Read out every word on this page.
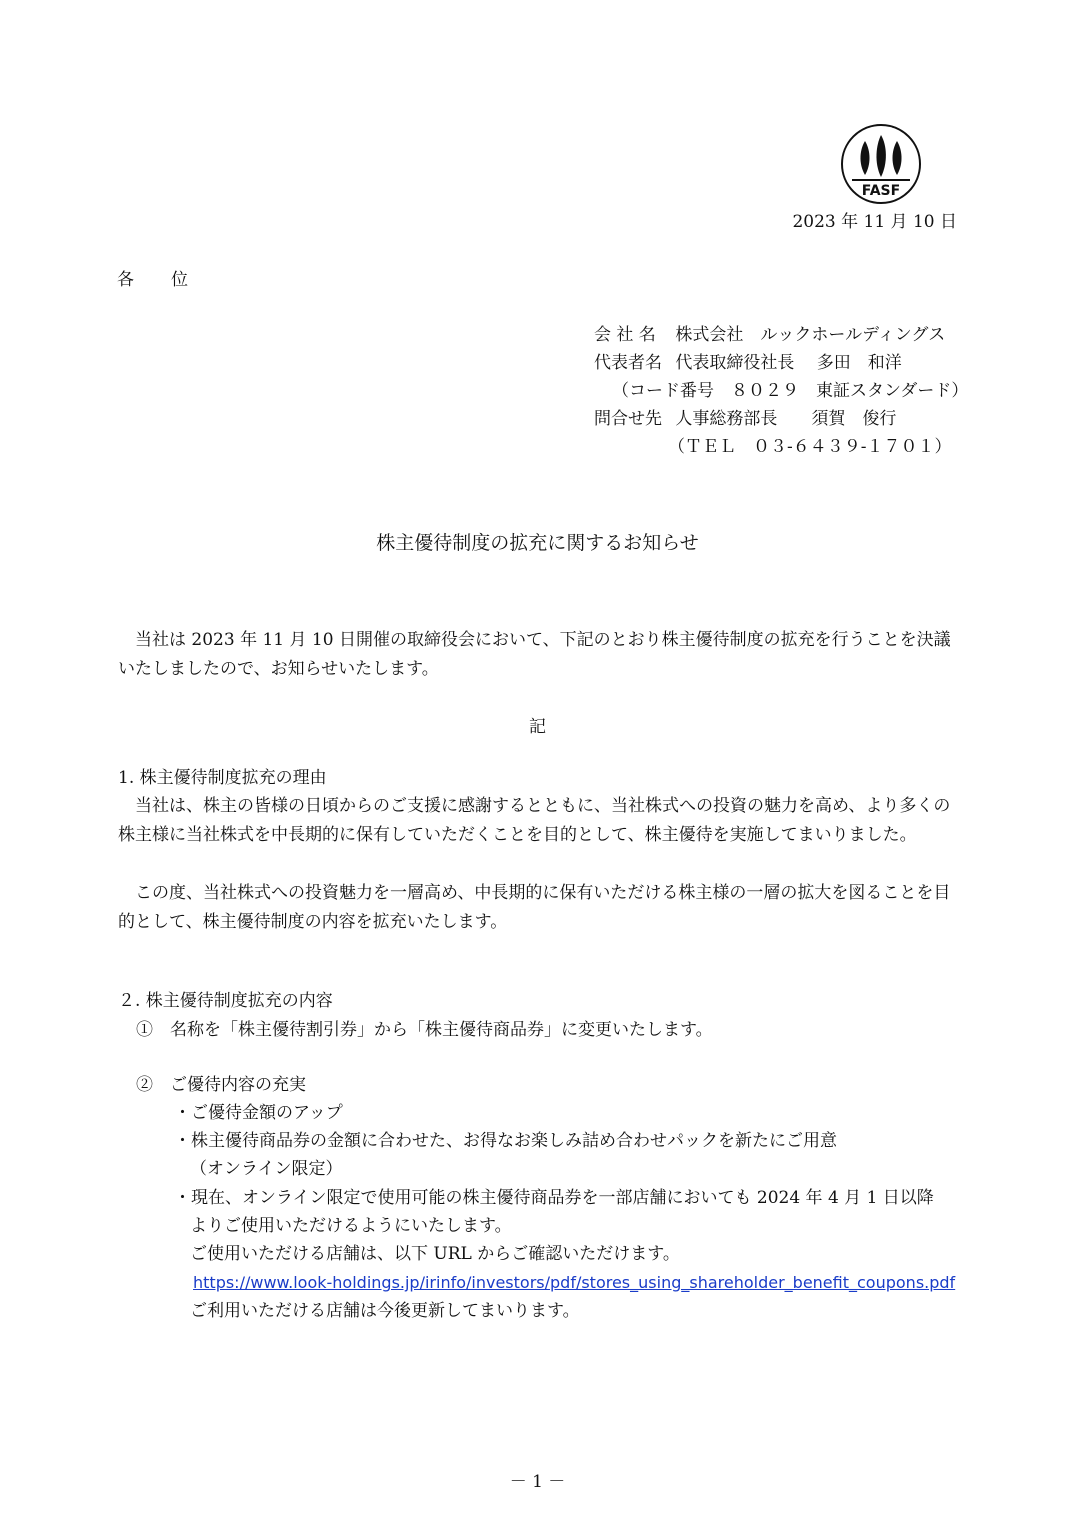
FASF
2023 年 11 月 10 日
各　　位
会 社 名 株式会社　ルックホールディングス
代表者名 代表取締役社長　 多田　和洋
（コード番号　８０２９　東証スタンダード）
問合せ先 人事総務部長　　須賀　俊行
（ＴＥＬ　０３-６４３９-１７０１）
株主優待制度の拡充に関するお知らせ
　当社は 2023 年 11 月 10 日開催の取締役会において、下記のとおり株主優待制度の拡充を行うことを決議いたしましたので、お知らせいたします。
記
1. 株主優待制度拡充の理由
　当社は、株主の皆様の日頃からのご支援に感謝するとともに、当社株式への投資の魅力を高め、より多くの株主様に当社株式を中長期的に保有していただくことを目的として、株主優待を実施してまいりました。
　この度、当社株式への投資魅力を一層高め、中長期的に保有いただける株主様の一層の拡大を図ることを目的として、株主優待制度の内容を拡充いたします。
２. 株主優待制度拡充の内容
①　名称を「株主優待割引券」から「株主優待商品券」に変更いたします。
②　ご優待内容の充実
・ご優待金額のアップ
・株主優待商品券の金額に合わせた、お得なお楽しみ詰め合わせパックを新たにご用意
（オンライン限定）
・現在、オンライン限定で使用可能の株主優待商品券を一部店舗においても 2024 年 4 月 1 日以降
よりご使用いただけるようにいたします。
ご使用いただける店舗は、以下 URL からご確認いただけます。
https://www.look-holdings.jp/irinfo/investors/pdf/stores_using_shareholder_benefit_coupons.pdf
ご利用いただける店舗は今後更新してまいります。
－ 1 －
